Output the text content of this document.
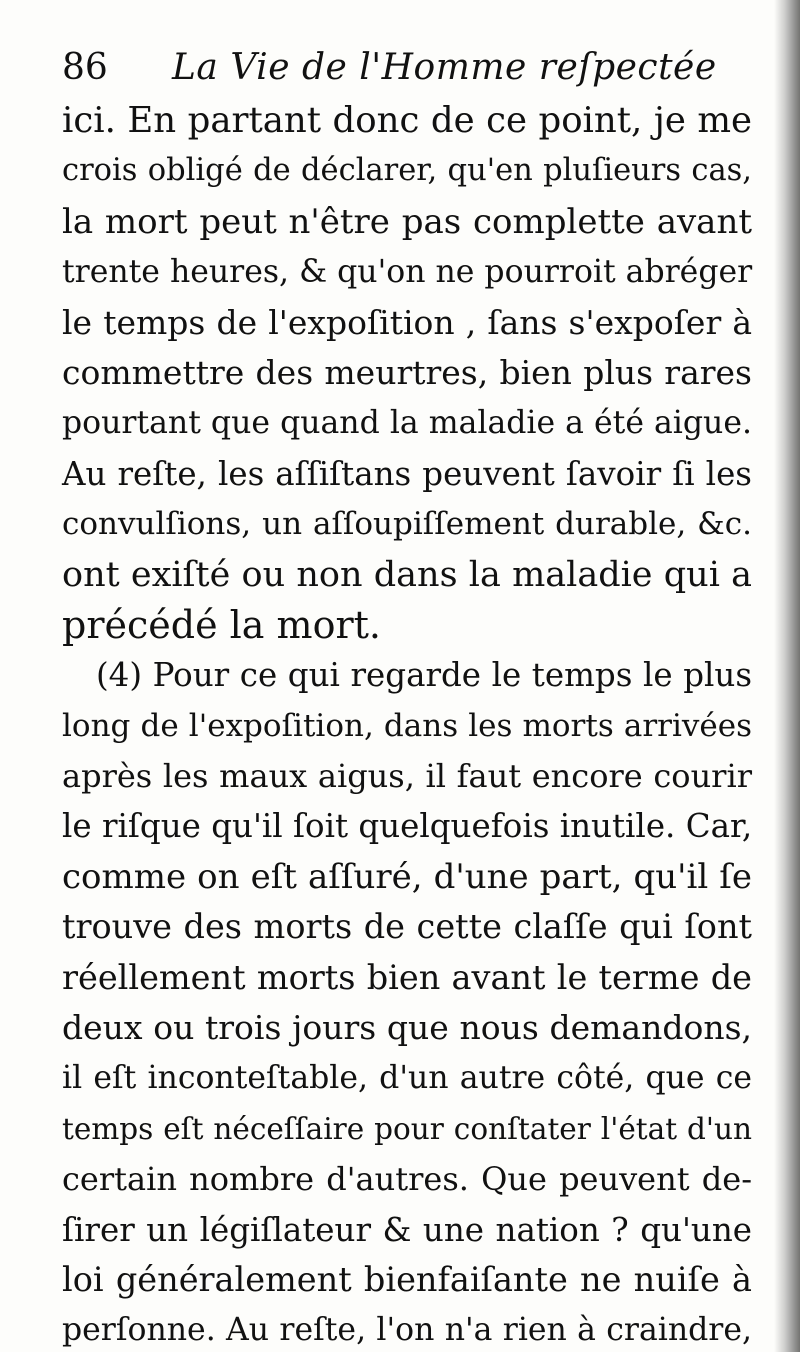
86 La Vie de l'Homme reſpectée
ici. En partant donc de ce point, je me
crois obligé de déclarer, qu'en pluſieurs cas,
la mort peut n'être pas complette avant
trente heures, & qu'on ne pourroit abréger
le temps de l'expoſition , ſans s'expoſer à
commettre des meurtres, bien plus rares
pourtant que quand la maladie a été aigue.
Au reſte, les aſſiſtans peuvent ſavoir ſi les
convulſions, un aſſoupiſſement durable, &c.
ont exiſté ou non dans la maladie qui a
précédé la mort.
(4) Pour ce qui regarde le temps le plus
long de l'expoſition, dans les morts arrivées
après les maux aigus, il faut encore courir
le riſque qu'il ſoit quelquefois inutile. Car,
comme on eſt aſſuré, d'une part, qu'il ſe
trouve des morts de cette claſſe qui ſont
réellement morts bien avant le terme de
deux ou trois jours que nous demandons,
il eſt inconteſtable, d'un autre côté, que ce
temps eſt néceſſaire pour conſtater l'état d'un
certain nombre d'autres. Que peuvent de-
ſirer un légiſlateur & une nation ? qu'une
loi généralement bienfaiſante ne nuiſe à
perſonne. Au reſte, l'on n'a rien à craindre,
